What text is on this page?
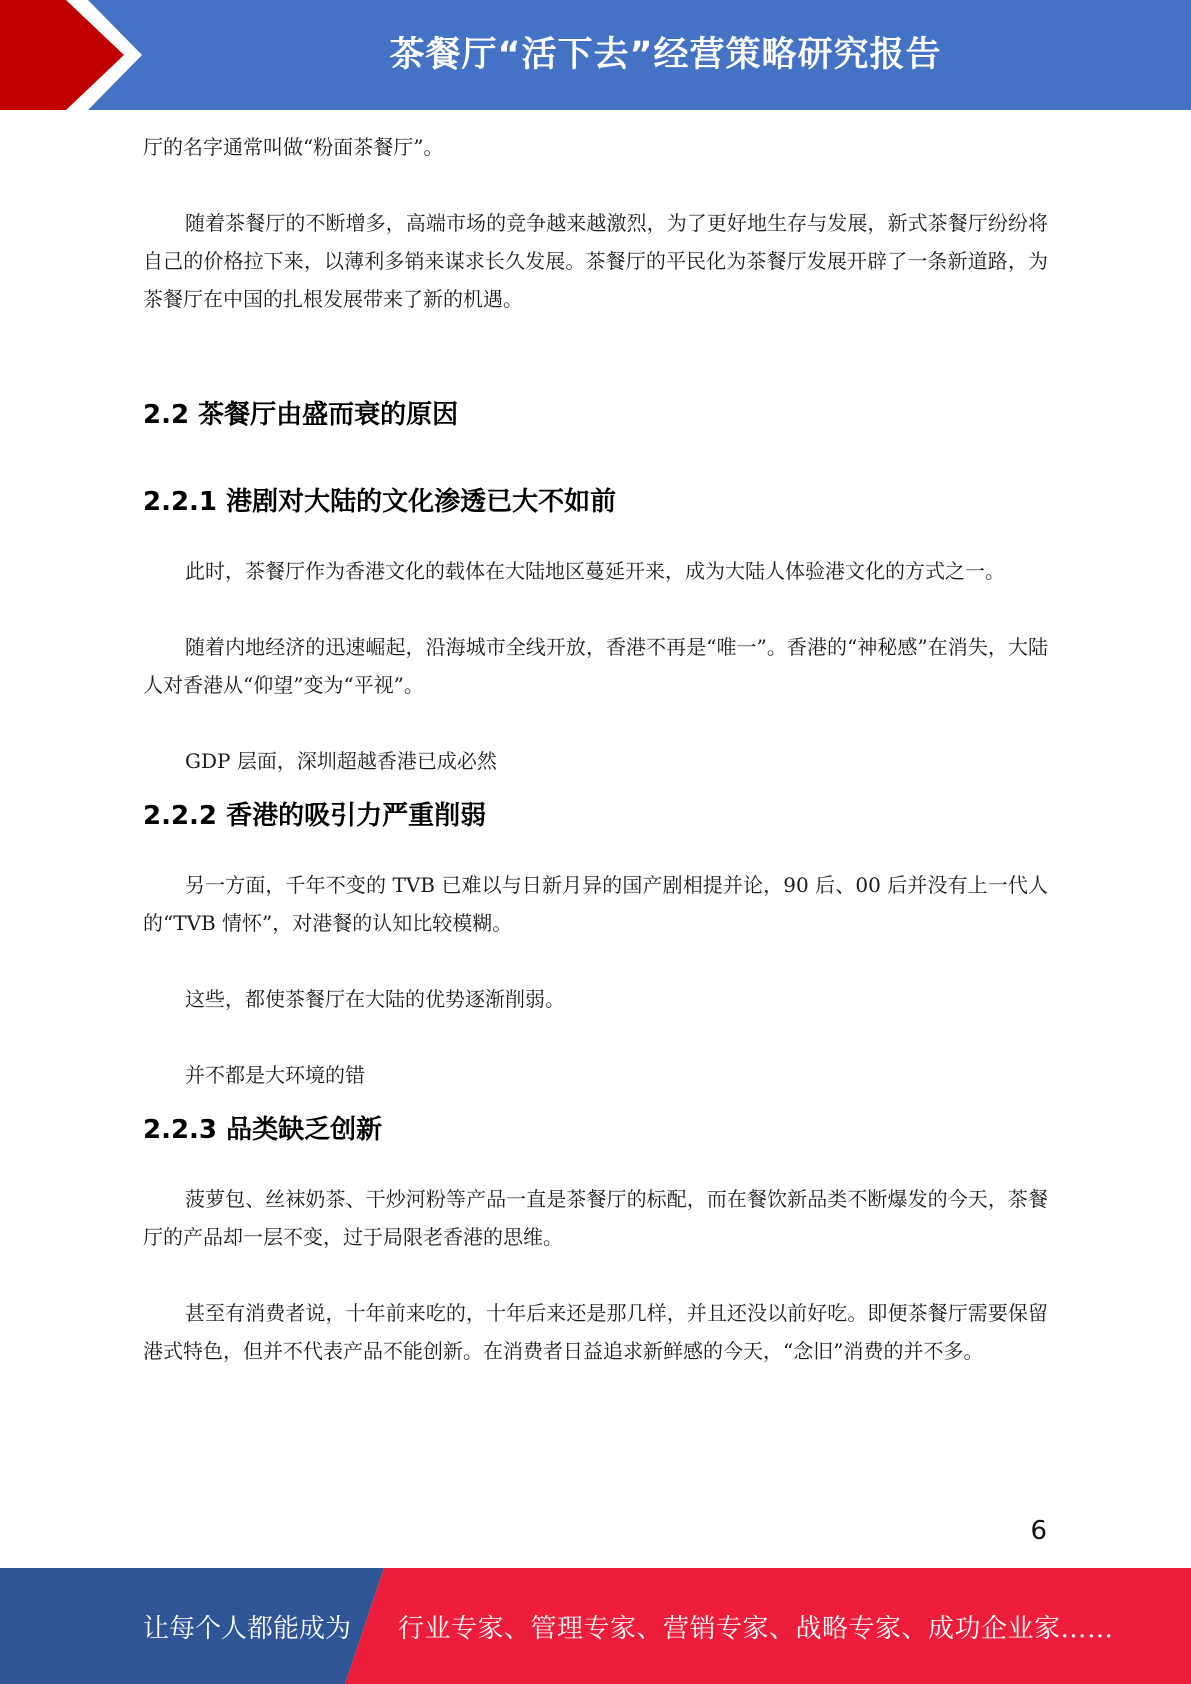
茶餐厅“活下去”经营策略研究报告

厅的名字通常叫做“粉面茶餐厅”。

随着茶餐厅的不断增多，高端市场的竞争越来越激烈，为了更好地生存与发展，新式茶餐厅纷纷将自己的价格拉下来，以薄利多销来谋求长久发展。茶餐厅的平民化为茶餐厅发展开辟了一条新道路，为茶餐厅在中国的扎根发展带来了新的机遇。

2.2 茶餐厅由盛而衰的原因
2.2.1 港剧对大陆的文化渗透已大不如前

此时，茶餐厅作为香港文化的载体在大陆地区蔓延开来，成为大陆人体验港文化的方式之一。

随着内地经济的迅速崛起，沿海城市全线开放，香港不再是“唯一”。香港的“神秘感”在消失，大陆人对香港从“仰望”变为“平视”。

GDP 层面，深圳超越香港已成必然

2.2.2 香港的吸引力严重削弱

另一方面，千年不变的 TVB 已难以与日新月异的国产剧相提并论，90 后、00 后并没有上一代人的“TVB 情怀”，对港餐的认知比较模糊。

这些，都使茶餐厅在大陆的优势逐渐削弱。

并不都是大环境的错

2.2.3 品类缺乏创新

菠萝包、丝袜奶茶、干炒河粉等产品一直是茶餐厅的标配，而在餐饮新品类不断爆发的今天，茶餐厅的产品却一层不变，过于局限老香港的思维。

甚至有消费者说，十年前来吃的，十年后来还是那几样，并且还没以前好吃。即便茶餐厅需要保留港式特色，但并不代表产品不能创新。在消费者日益追求新鲜感的今天，“念旧”消费的并不多。

6
让每个人都能成为 行业专家、管理专家、营销专家、战略专家、成功企业家……
